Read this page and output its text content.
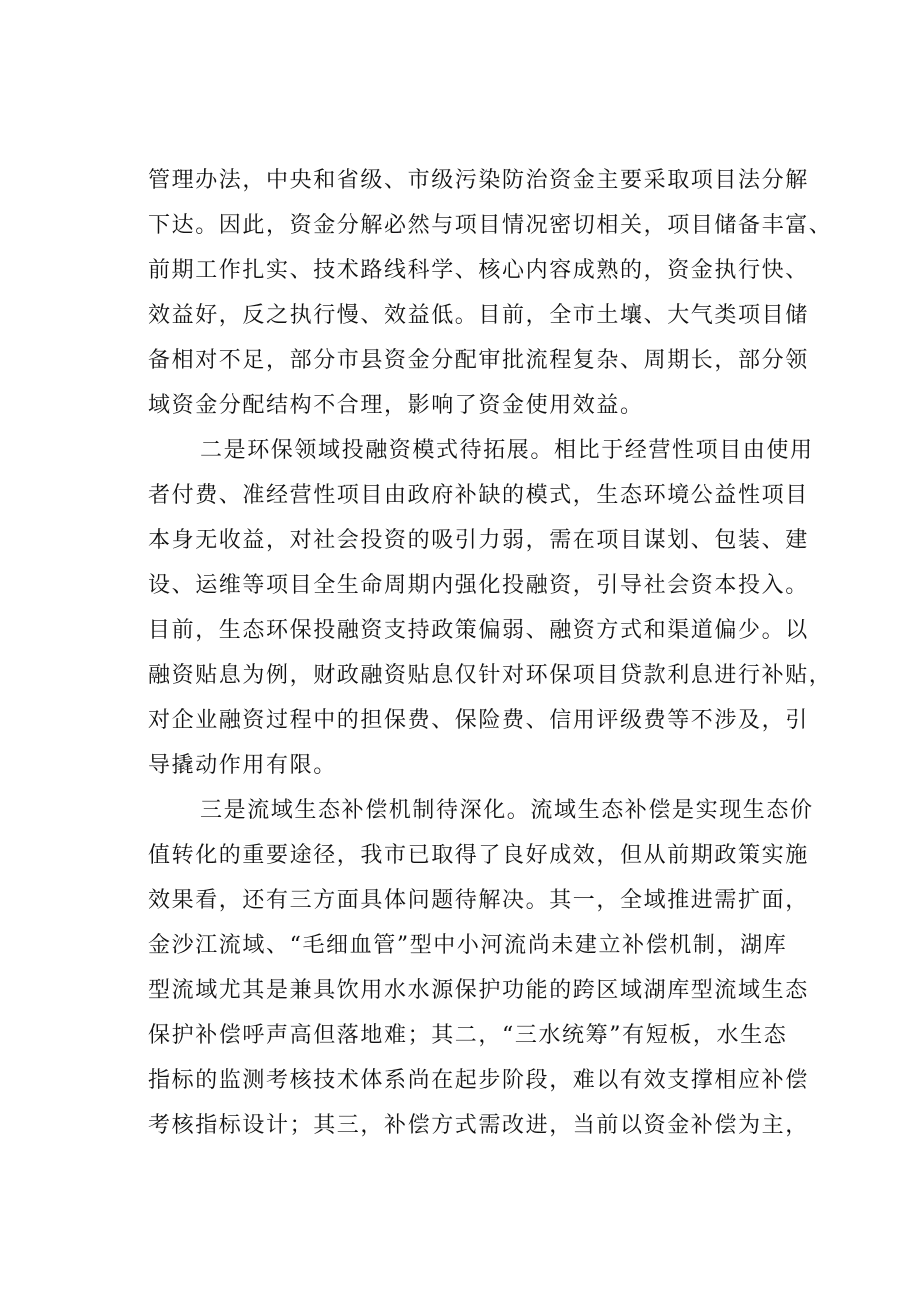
管理办法，中央和省级、市级污染防治资金主要采取项目法分解
下达。因此，资金分解必然与项目情况密切相关，项目储备丰富、
前期工作扎实、技术路线科学、核心内容成熟的，资金执行快、
效益好，反之执行慢、效益低。目前，全市土壤、大气类项目储
备相对不足，部分市县资金分配审批流程复杂、周期长，部分领
域资金分配结构不合理，影响了资金使用效益。
二是环保领域投融资模式待拓展。相比于经营性项目由使用
者付费、准经营性项目由政府补缺的模式，生态环境公益性项目
本身无收益，对社会投资的吸引力弱，需在项目谋划、包装、建
设、运维等项目全生命周期内强化投融资，引导社会资本投入。
目前，生态环保投融资支持政策偏弱、融资方式和渠道偏少。以
融资贴息为例，财政融资贴息仅针对环保项目贷款利息进行补贴，
对企业融资过程中的担保费、保险费、信用评级费等不涉及，引
导撬动作用有限。
三是流域生态补偿机制待深化。流域生态补偿是实现生态价
值转化的重要途径，我市已取得了良好成效，但从前期政策实施
效果看，还有三方面具体问题待解决。其一，全域推进需扩面，
金沙江流域、“毛细血管”型中小河流尚未建立补偿机制，湖库
型流域尤其是兼具饮用水水源保护功能的跨区域湖库型流域生态
保护补偿呼声高但落地难；其二，“三水统筹”有短板，水生态
指标的监测考核技术体系尚在起步阶段，难以有效支撑相应补偿
考核指标设计；其三，补偿方式需改进，当前以资金补偿为主，
